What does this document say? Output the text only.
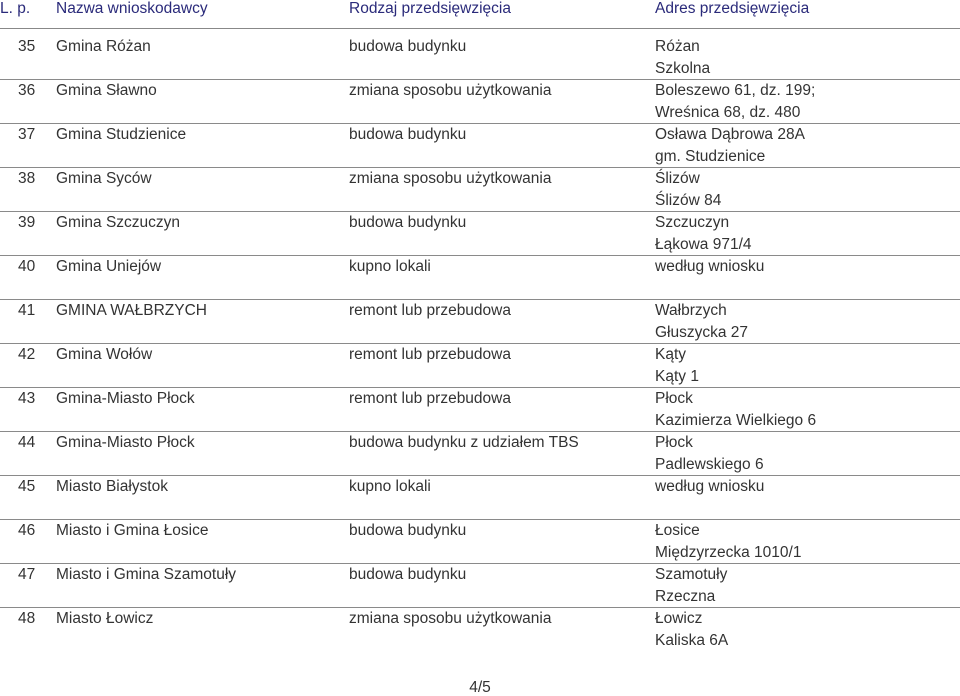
L. p. Nazwa wnioskodawcy	Rodzaj przedsięwzięcia	Adres przedsięwzięcia
35 Gmina Różan	budowa budynku	Różan
Szkolna
36 Gmina Sławno	zmiana sposobu użytkowania	Boleszewo 61, dz. 199;
Wreśnica 68, dz. 480
37 Gmina Studzienice	budowa budynku	Osława Dąbrowa 28A
gm. Studzienice
38 Gmina Syców	zmiana sposobu użytkowania	Ślizów
Ślizów 84
39 Gmina Szczuczyn	budowa budynku	Szczuczyn
Łąkowa 971/4
40 Gmina Uniejów	kupno lokali	według wniosku
41 GMINA WAŁBRZYCH	remont lub przebudowa	Wałbrzych
Głuszycka 27
42 Gmina Wołów	remont lub przebudowa	Kąty
Kąty 1
43 Gmina-Miasto Płock	remont lub przebudowa	Płock
Kazimierza Wielkiego 6
44 Gmina-Miasto Płock	budowa budynku z udziałem TBS	Płock
Padlewskiego 6
45 Miasto Białystok	kupno lokali	według wniosku
46 Miasto i Gmina Łosice	budowa budynku	Łosice
Międzyrzecka 1010/1
47 Miasto i Gmina Szamotuły	budowa budynku	Szamotuły
Rzeczna
48 Miasto Łowicz	zmiana sposobu użytkowania	Łowicz
Kaliska 6A
4/5
